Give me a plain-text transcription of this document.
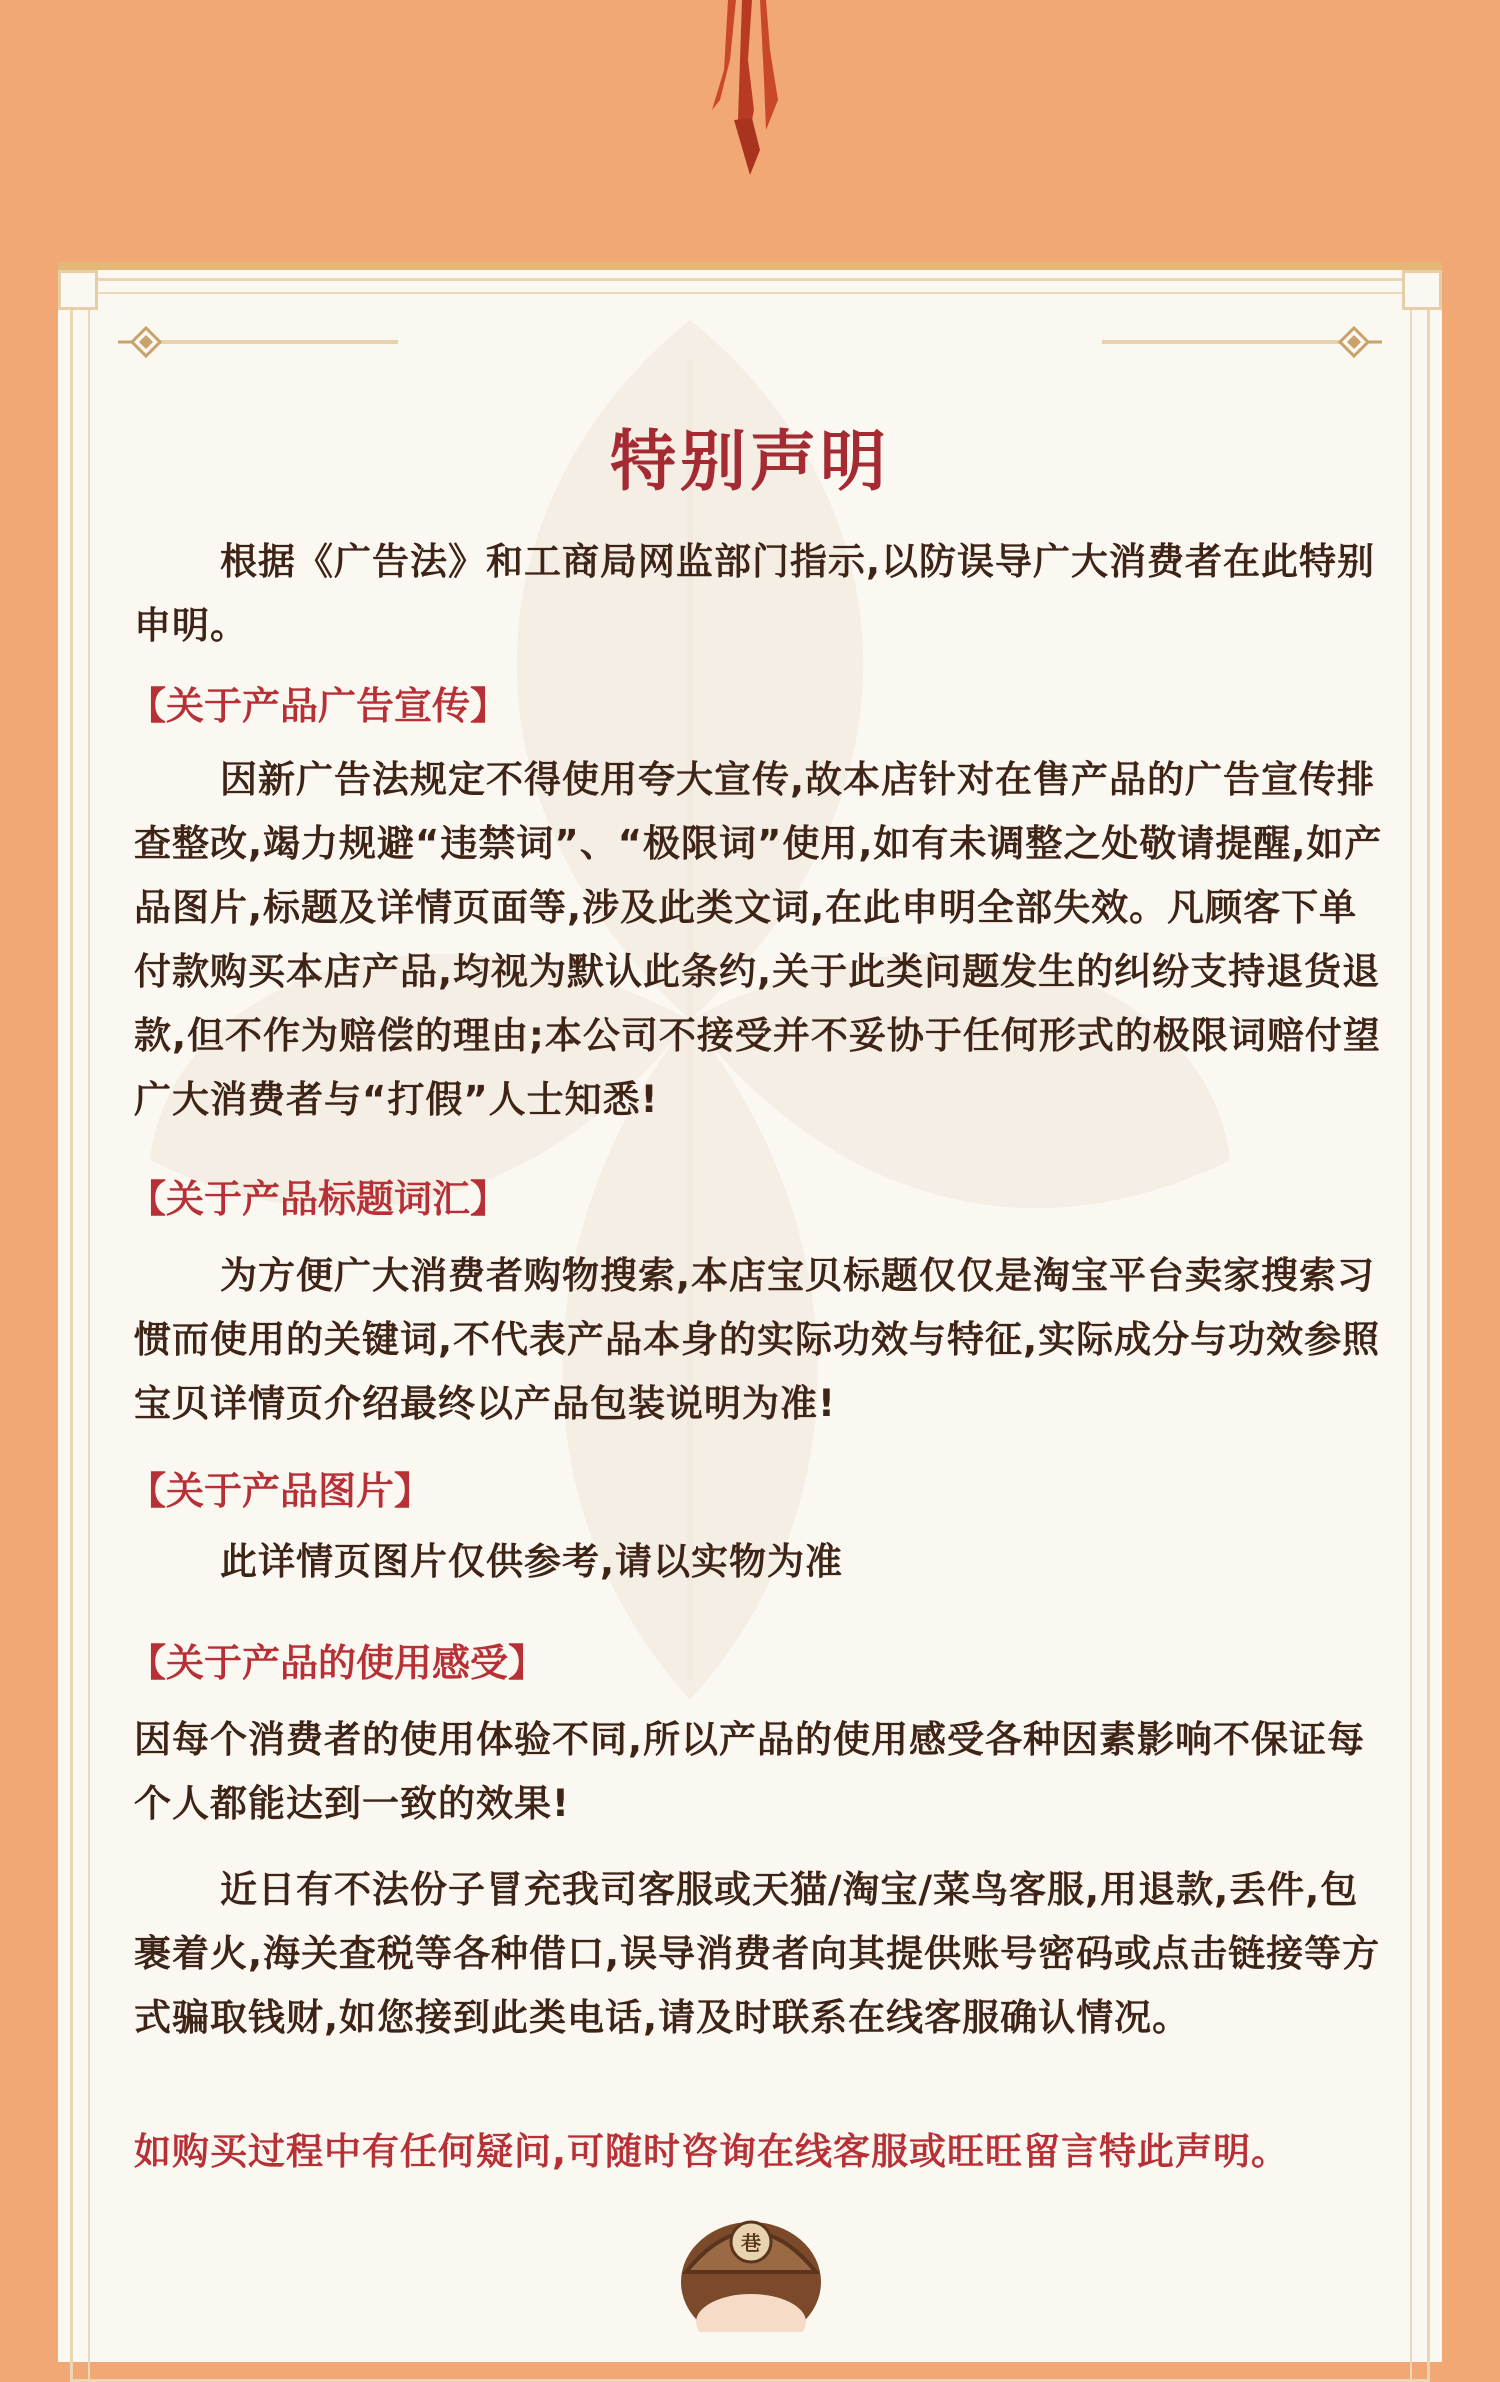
特别声明
根据《广告法》和工商局网监部门指示,以防误导广大消费者在此特别申明。
【关于产品广告宣传】
因新广告法规定不得使用夸大宣传,故本店针对在售产品的广告宣传排查整改,竭力规避“违禁词”、“极限词”使用,如有未调整之处敬请提醒,如产品图片,标题及详情页面等,涉及此类文词,在此申明全部失效。凡顾客下单付款购买本店产品,均视为默认此条约,关于此类问题发生的纠纷支持退货退款,但不作为赔偿的理由;本公司不接受并不妥协于任何形式的极限词赔付望广大消费者与“打假”人士知悉!
【关于产品标题词汇】
为方便广大消费者购物搜索,本店宝贝标题仅仅是淘宝平台卖家搜索习惯而使用的关键词,不代表产品本身的实际功效与特征,实际成分与功效参照宝贝详情页介绍最终以产品包装说明为准!
【关于产品图片】
此详情页图片仅供参考,请以实物为准
【关于产品的使用感受】
因每个消费者的使用体验不同,所以产品的使用感受各种因素影响不保证每个人都能达到一致的效果!
近日有不法份子冒充我司客服或天猫/淘宝/菜鸟客服,用退款,丢件,包裹着火,海关查税等各种借口,误导消费者向其提供账号密码或点击链接等方式骗取钱财,如您接到此类电话,请及时联系在线客服确认情况。
如购买过程中有任何疑问,可随时咨询在线客服或旺旺留言特此声明。
巷
